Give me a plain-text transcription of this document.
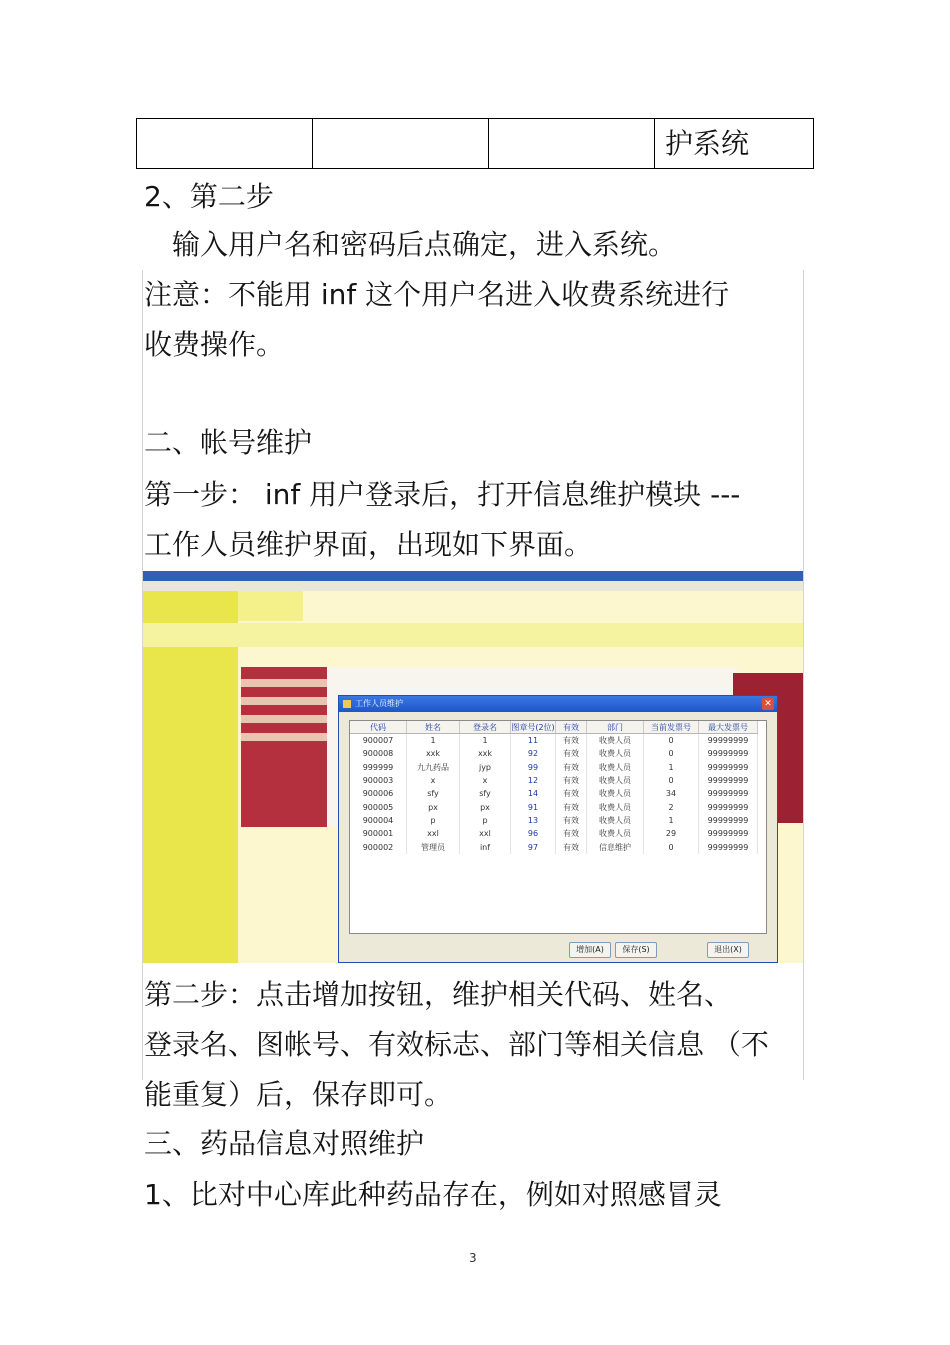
护系统
2、第二步
输入用户名和密码后点确定，进入系统。
注意：不能用 inf 这个用户名进入收费系统进行
收费操作。
二、帐号维护
第一步： inf 用户登录后，打开信息维护模块 ---
工作人员维护界面，出现如下界面。
工作人员维护	✕
代码	姓名	登录名	图章号(2位)	有效	部门	当前发票号	最大发票号
900007	1	1	11	有效	收费人员	0	99999999
900008	xxk	xxk	92	有效	收费人员	0	99999999
999999	九九药品	jyp	99	有效	收费人员	1	99999999
900003	x	x	12	有效	收费人员	0	99999999
900006	sfy	sfy	14	有效	收费人员	34	99999999
900005	px	px	91	有效	收费人员	2	99999999
900004	p	p	13	有效	收费人员	1	99999999
900001	xxl	xxl	96	有效	收费人员	29	99999999
900002	管理员	inf	97	有效	信息维护	0	99999999
增加(A)	保存(S)	退出(X)
第二步：点击增加按钮，维护相关代码、姓名、
登录名、图帐号、有效标志、部门等相关信息 （不
能重复）后，保存即可。
三、药品信息对照维护
1、比对中心库此种药品存在，例如对照感冒灵
3
